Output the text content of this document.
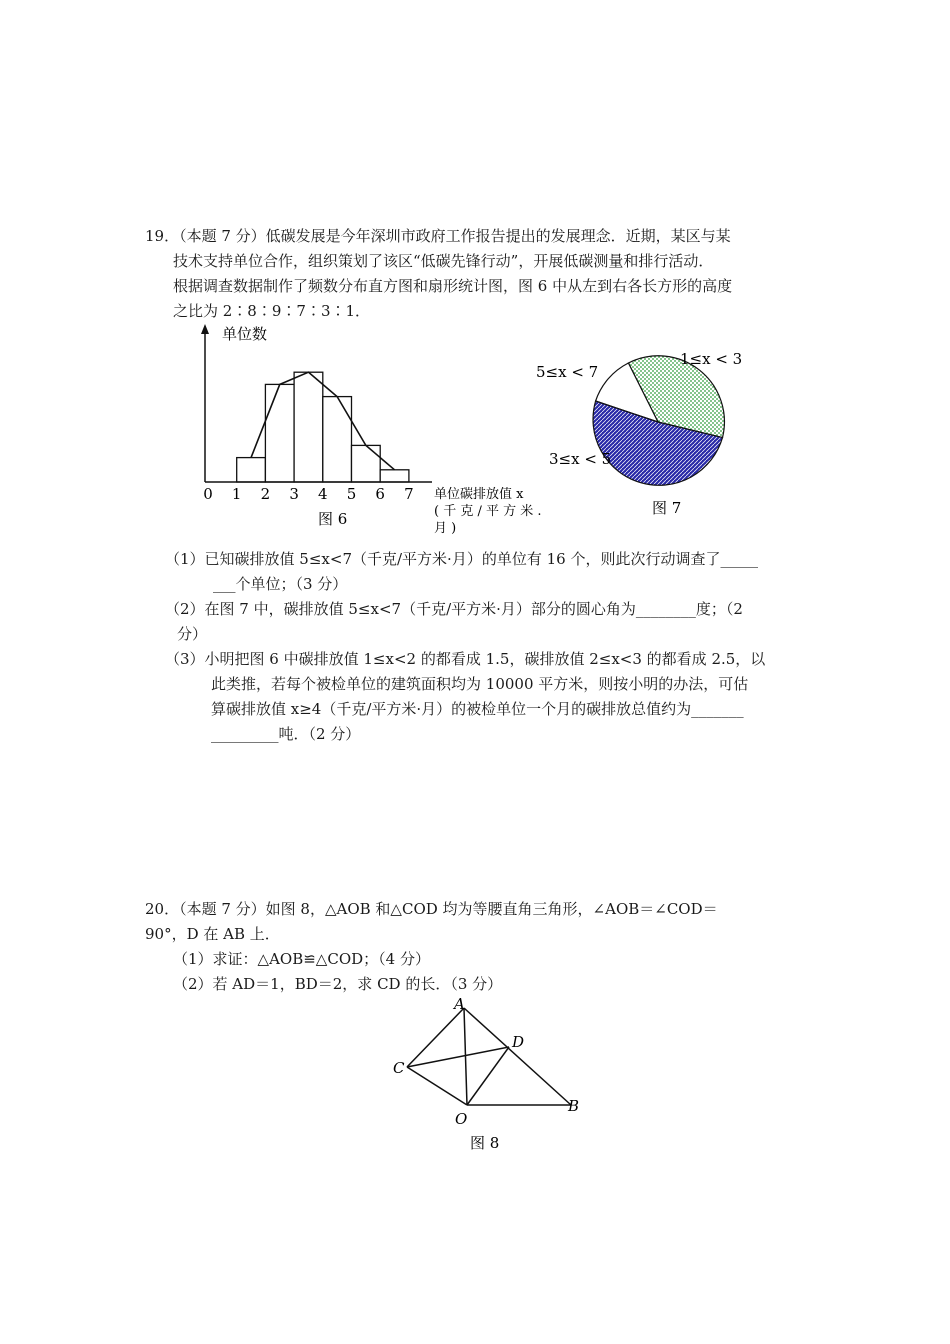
19．（本题 7 分）低碳发展是今年深圳市政府工作报告提出的发展理念．近期，某区与某
技术支持单位合作，组织策划了该区“低碳先锋行动”，开展低碳测量和排行活动．
根据调查数据制作了频数分布直方图和扇形统计图，图 6 中从左到右各长方形的高度
之比为 2∶8∶9∶7∶3∶1．
单位数
0 1 2 3 4 5 6 7 单位碳排放值 x
( 千 克 / 平 方 米 .
月 )
图 6
1≤x < 3
5≤x < 7
3≤x < 5
图 7
（1）已知碳排放值 5≤x<7（千克/平方米·月）的单位有 16 个，则此次行动调查了_____
___个单位；（3 分）
（2）在图 7 中，碳排放值 5≤x<7（千克/平方米·月）部分的圆心角为________度；（2
分）
（3）小明把图 6 中碳排放值 1≤x<2 的都看成 1.5，碳排放值 2≤x<3 的都看成 2.5，以
此类推，若每个被检单位的建筑面积均为 10000 平方米，则按小明的办法，可估
算碳排放值 x≥4（千克/平方米·月）的被检单位一个月的碳排放总值约为_______
_________吨．（2 分）
20．（本题 7 分）如图 8，△AOB 和△COD 均为等腰直角三角形，∠AOB＝∠COD＝
90°，D 在 AB 上．
（1）求证：△AOB≌△COD；（4 分）
（2）若 AD＝1，BD＝2，求 CD 的长．（3 分）
A
D
C
B
O
图 8
